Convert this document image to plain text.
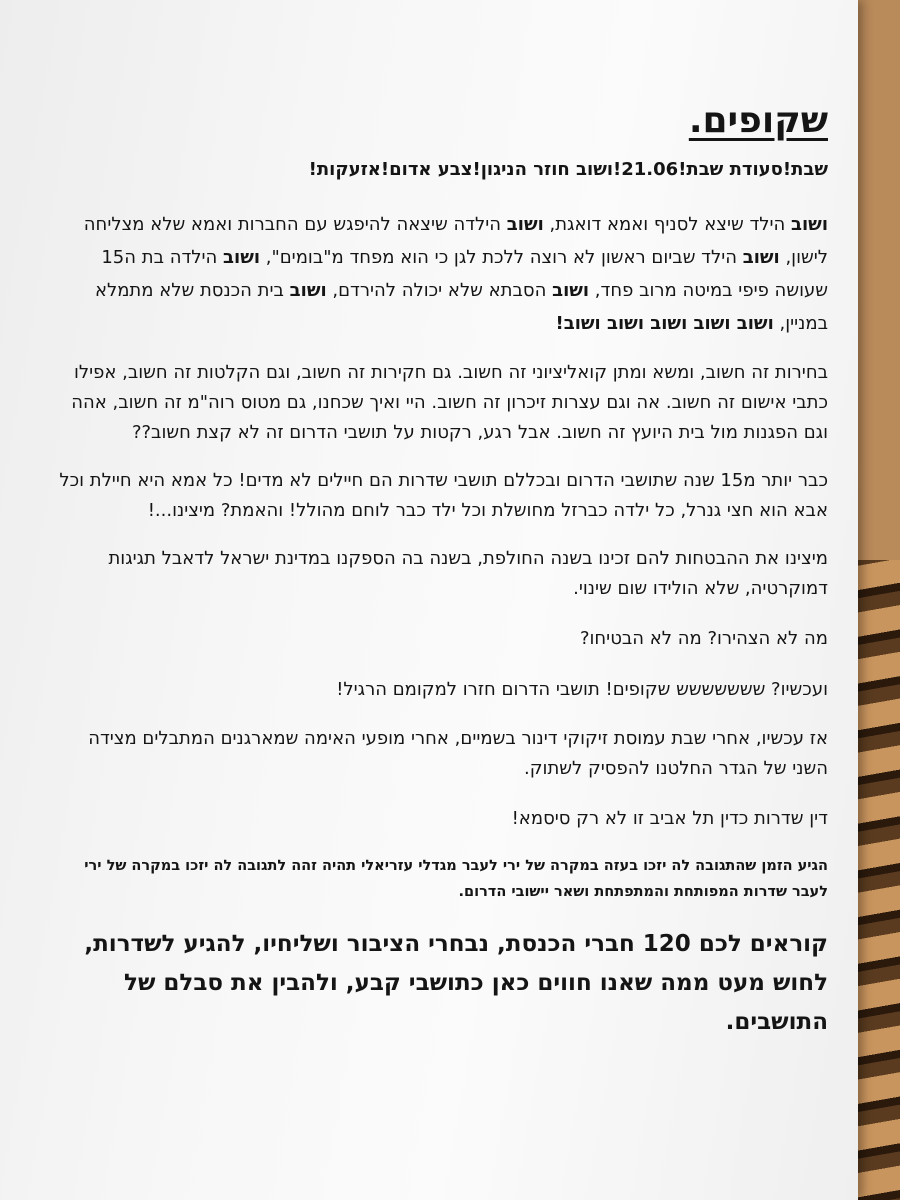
שקופים.
שבת!סעודת שבת!21.06!ושוב חוזר הניגון!צבע אדום!אזעקות!

ושוב הילד שיצא לסניף ואמא דואגת, ושוב הילדה שיצאה להיפגש עם החברות ואמא שלא מצליחה לישון, ושוב הילד שביום ראשון לא רוצה ללכת לגן כי הוא מפחד מ"בומים", ושוב הילדה בת ה15 שעושה פיפי במיטה מרוב פחד, ושוב הסבתא שלא יכולה להירדם, ושוב בית הכנסת שלא מתמלא במניין, ושוב ושוב ושוב ושוב ושוב!

בחירות זה חשוב, ומשא ומתן קואליציוני זה חשוב. גם חקירות זה חשוב, וגם הקלטות זה חשוב, אפילו כתבי אישום זה חשוב. אה וגם עצרות זיכרון זה חשוב. היי ואיך שכחנו, גם מטוס רוה"מ זה חשוב, אהה וגם הפגנות מול בית היועץ זה חשוב. אבל רגע, רקטות על תושבי הדרום זה לא קצת חשוב??

כבר יותר מ15 שנה שתושבי הדרום ובכללם תושבי שדרות הם חיילים לא מדים! כל אמא היא חיילת וכל אבא הוא חצי גנרל, כל ילדה כברזל מחושלת וכל ילד כבר לוחם מהולל! והאמת? מיצינו...!

מיצינו את ההבטחות להם זכינו בשנה החולפת, בשנה בה הספקנו במדינת ישראל לדאבל תגיגות דמוקרטיה, שלא הולידו שום שינוי.

מה לא הצהירו? מה לא הבטיחו?

ועכשיו? ששששששש שקופים! תושבי הדרום חזרו למקומם הרגיל!

אז עכשיו, אחרי שבת עמוסת זיקוקי דינור בשמיים, אחרי מופעי האימה שמארגנים המתבלים מצידה השני של הגדר החלטנו להפסיק לשתוק.

דין שדרות כדין תל אביב זו לא רק סיסמא!

הגיע הזמן שהתגובה לה יזכו בעזה במקרה של ירי לעבר מגדלי עזריאלי תהיה זהה לתגובה לה יזכו במקרה של ירי לעבר שדרות המפותחת והמתפתחת ושאר יישובי הדרום.

קוראים לכם 120 חברי הכנסת, נבחרי הציבור ושליחיו, להגיע לשדרות, לחוש מעט ממה שאנו חווים כאן כתושבי קבע, ולהבין את סבלם של התושבים.
